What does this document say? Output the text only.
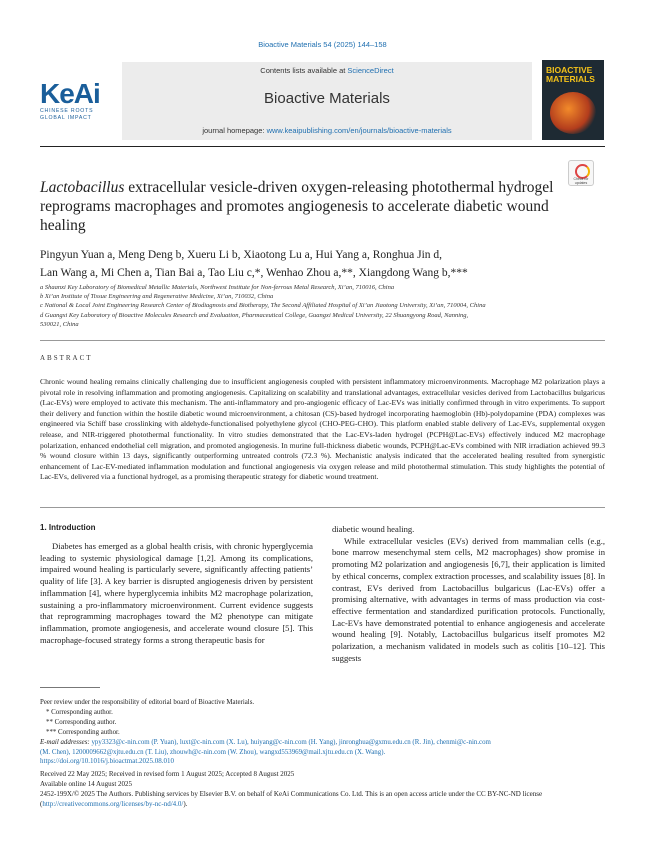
Bioactive Materials 54 (2025) 144–158
Contents lists available at ScienceDirect
Bioactive Materials
journal homepage: www.keaipublishing.com/en/journals/bioactive-materials
KeAi
CHINESE ROOTS
GLOBAL IMPACT
BIOACTIVE MATERIALS
Check for updates
Lactobacillus extracellular vesicle-driven oxygen-releasing photothermal hydrogel reprograms macrophages and promotes angiogenesis to accelerate diabetic wound healing
Pingyun Yuan a, Meng Deng b, Xueru Li b, Xiaotong Lu a, Hui Yang a, Ronghua Jin d,
Lan Wang a, Mi Chen a, Tian Bai a, Tao Liu c,*, Wenhao Zhou a,**, Xiangdong Wang b,***
a Shaanxi Key Laboratory of Biomedical Metallic Materials, Northwest Institute for Non-ferrous Metal Research, Xi’an, 710016, China
b Xi’an Institute of Tissue Engineering and Regenerative Medicine, Xi’an, 710032, China
c National & Local Joint Engineering Research Center of Biodiagnosis and Biotherapy, The Second Affiliated Hospital of Xi’an Jiaotong University, Xi’an, 710004, China
d Guangxi Key Laboratory of Bioactive Molecules Research and Evaluation, Pharmaceutical College, Guangxi Medical University, 22 Shuangyong Road, Nanning,
530021, China
ABSTRACT
Chronic wound healing remains clinically challenging due to insufficient angiogenesis coupled with persistent inflammatory microenvironments. Macrophage M2 polarization plays a pivotal role in resolving inflammation and promoting angiogenesis. Capitalizing on scalability and translational advantages, extracellular vesicles derived from Lactobacillus bulgaricus (Lac-EVs) were employed to activate this mechanism. The anti-inflammatory and pro-angiogenic efficacy of Lac-EVs was initially confirmed through in vitro experiments. To support their delivery and function within the hostile diabetic wound microenvironment, a chitosan (CS)-based hydrogel incorporating haemoglobin (Hb)-polydopamine (PDA) complexes was engineered via Schiff base crosslinking with aldehyde-functionalised polyethylene glycol (CHO-PEG-CHO). This platform enabled stable delivery of Lac-EVs, supplemental oxygen release, and NIR-triggered photothermal functionality. In vitro studies demonstrated that the Lac-EVs-laden hydrogel (PCPH@Lac-EVs) effectively induced M2 macrophage polarization, enhanced endothelial cell migration, and promoted angiogenesis. In murine full-thickness diabetic wounds, PCPH@Lac-EVs combined with NIR irradiation achieved 99.3 % wound closure within 13 days, significantly outperforming untreated controls (72.3 %). Mechanistic analysis indicated that the accelerated healing resulted from synergistic enhancement of Lac-EV-mediated inflammation modulation and functional angiogenesis via oxygen release and mild photothermal stimulation. This study highlights the potential of Lac-EVs, delivered via a functional hydrogel, as a promising therapeutic strategy for diabetic wound treatment.
1. Introduction
Diabetes has emerged as a global health crisis, with chronic hyperglycemia leading to systemic physiological damage [1,2]. Among its complications, impaired wound healing is particularly severe, significantly affecting patients’ quality of life [3]. A key barrier is disrupted angiogenesis driven by persistent inflammation [4], where hyperglycemia inhibits M2 macrophage polarization, sustaining a pro-inflammatory microenvironment. Current evidence suggests that reprogramming macrophages toward the M2 phenotype can mitigate inflammation, promote angiogenesis, and accelerate wound closure [5]. This macrophage-focused strategy forms a strong therapeutic basis for

diabetic wound healing.

While extracellular vesicles (EVs) derived from mammalian cells (e.g., bone marrow mesenchymal stem cells, M2 macrophages) show promise in promoting M2 polarization and angiogenesis [6,7], their application is limited by ethical concerns, complex extraction processes, and scalability issues [8]. In contrast, EVs derived from Lactobacillus bulgaricus (Lac-EVs) offer a promising alternative, with advantages in terms of mass production via cost-effective fermentation and standardized purification protocols. Functionally, Lac-EVs have demonstrated potential to enhance angiogenesis and accelerate wound healing [9]. Notably, Lactobacillus bulgaricus itself promotes M2 polarization, a mechanism validated in models such as colitis [10–12]. This suggests

Peer review under the responsibility of editorial board of Bioactive Materials.
* Corresponding author.
** Corresponding author.
*** Corresponding author.
E-mail addresses: ypy3323@c-nin.com (P. Yuan), luxt@c-nin.com (X. Lu), huiyang@c-nin.com (H. Yang), jinronghua@gxmu.edu.cn (R. Jin), chenmi@c-nin.com
(M. Chen), 1200009662@xjtu.edu.cn (T. Liu), zhouwh@c-nin.com (W. Zhou), wangxd553969@mail.xjtu.edu.cn (X. Wang).
https://doi.org/10.1016/j.bioactmat.2025.08.010
Received 22 May 2025; Received in revised form 1 August 2025; Accepted 8 August 2025
Available online 14 August 2025
2452-199X/© 2025 The Authors. Publishing services by Elsevier B.V. on behalf of KeAi Communications Co. Ltd. This is an open access article under the CC BY-NC-ND license (http://creativecommons.org/licenses/by-nc-nd/4.0/).
